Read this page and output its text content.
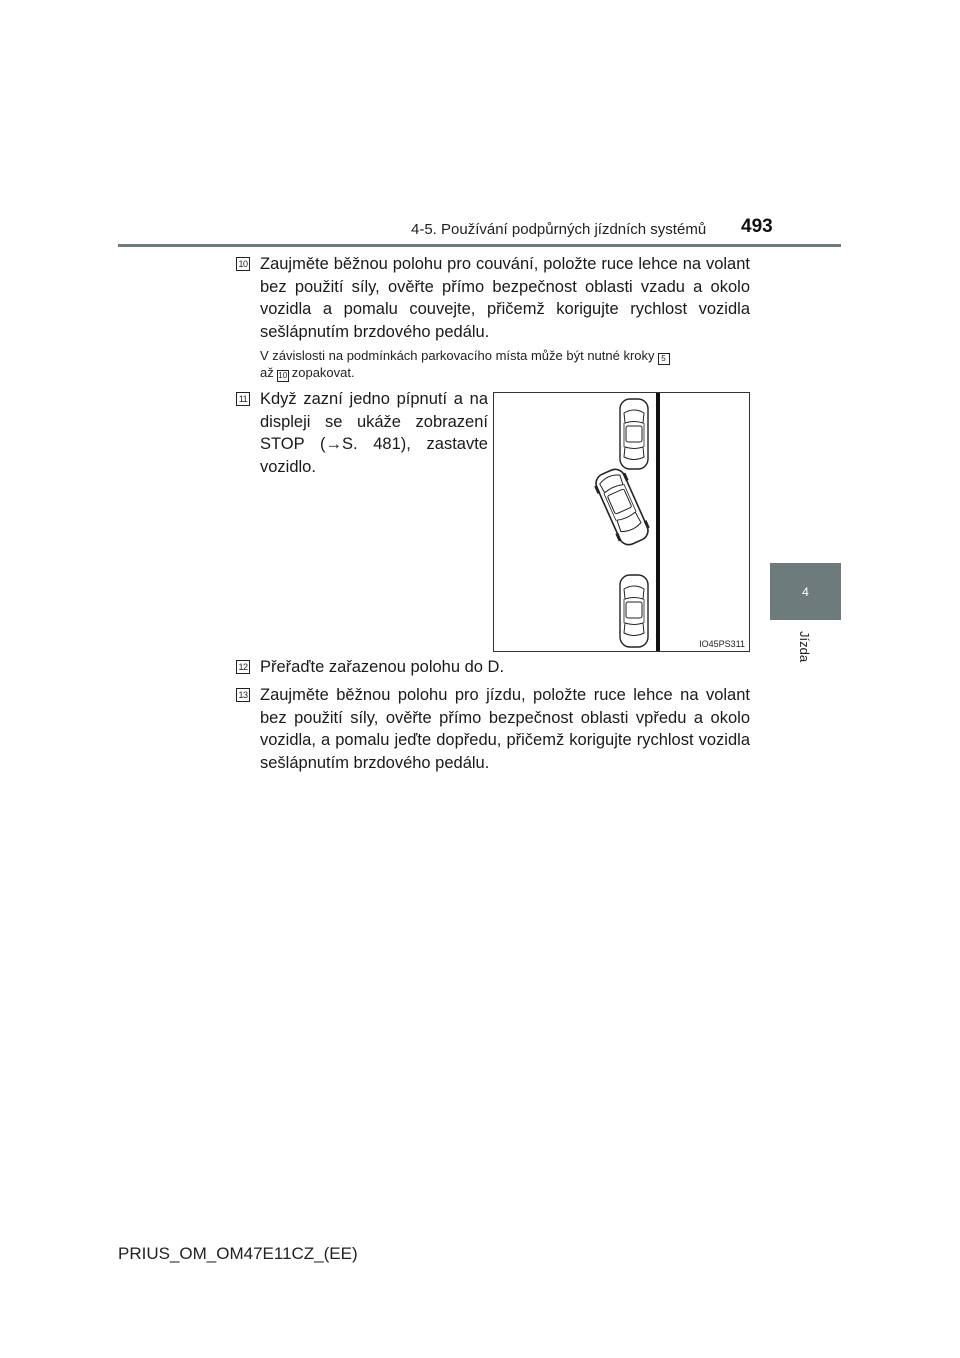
4-5. Používání podpůrných jízdních systémů 493
4
Jízda
10 Zaujměte běžnou polohu pro couvání, položte ruce lehce na volant bez použití síly, ověřte přímo bezpečnost oblasti vzadu a okolo vozidla a pomalu couvejte, přičemž korigujte rychlost vozidla sešlápnutím brzdového pedálu.
V závislosti na podmínkách parkovacího místa může být nutné kroky 5
až 10 zopakovat.
11 Když zazní jedno pípnutí a na displeji se ukáže zobrazení STOP (→S. 481), zastavte vozidlo.
IO45PS311
12 Přeřaďte zařazenou polohu do D.
13 Zaujměte běžnou polohu pro jízdu, položte ruce lehce na volant bez použití síly, ověřte přímo bezpečnost oblasti vpředu a okolo vozidla, a pomalu jeďte dopředu, přičemž korigujte rychlost vozidla sešlápnutím brzdového pedálu.
PRIUS_OM_OM47E11CZ_(EE)
